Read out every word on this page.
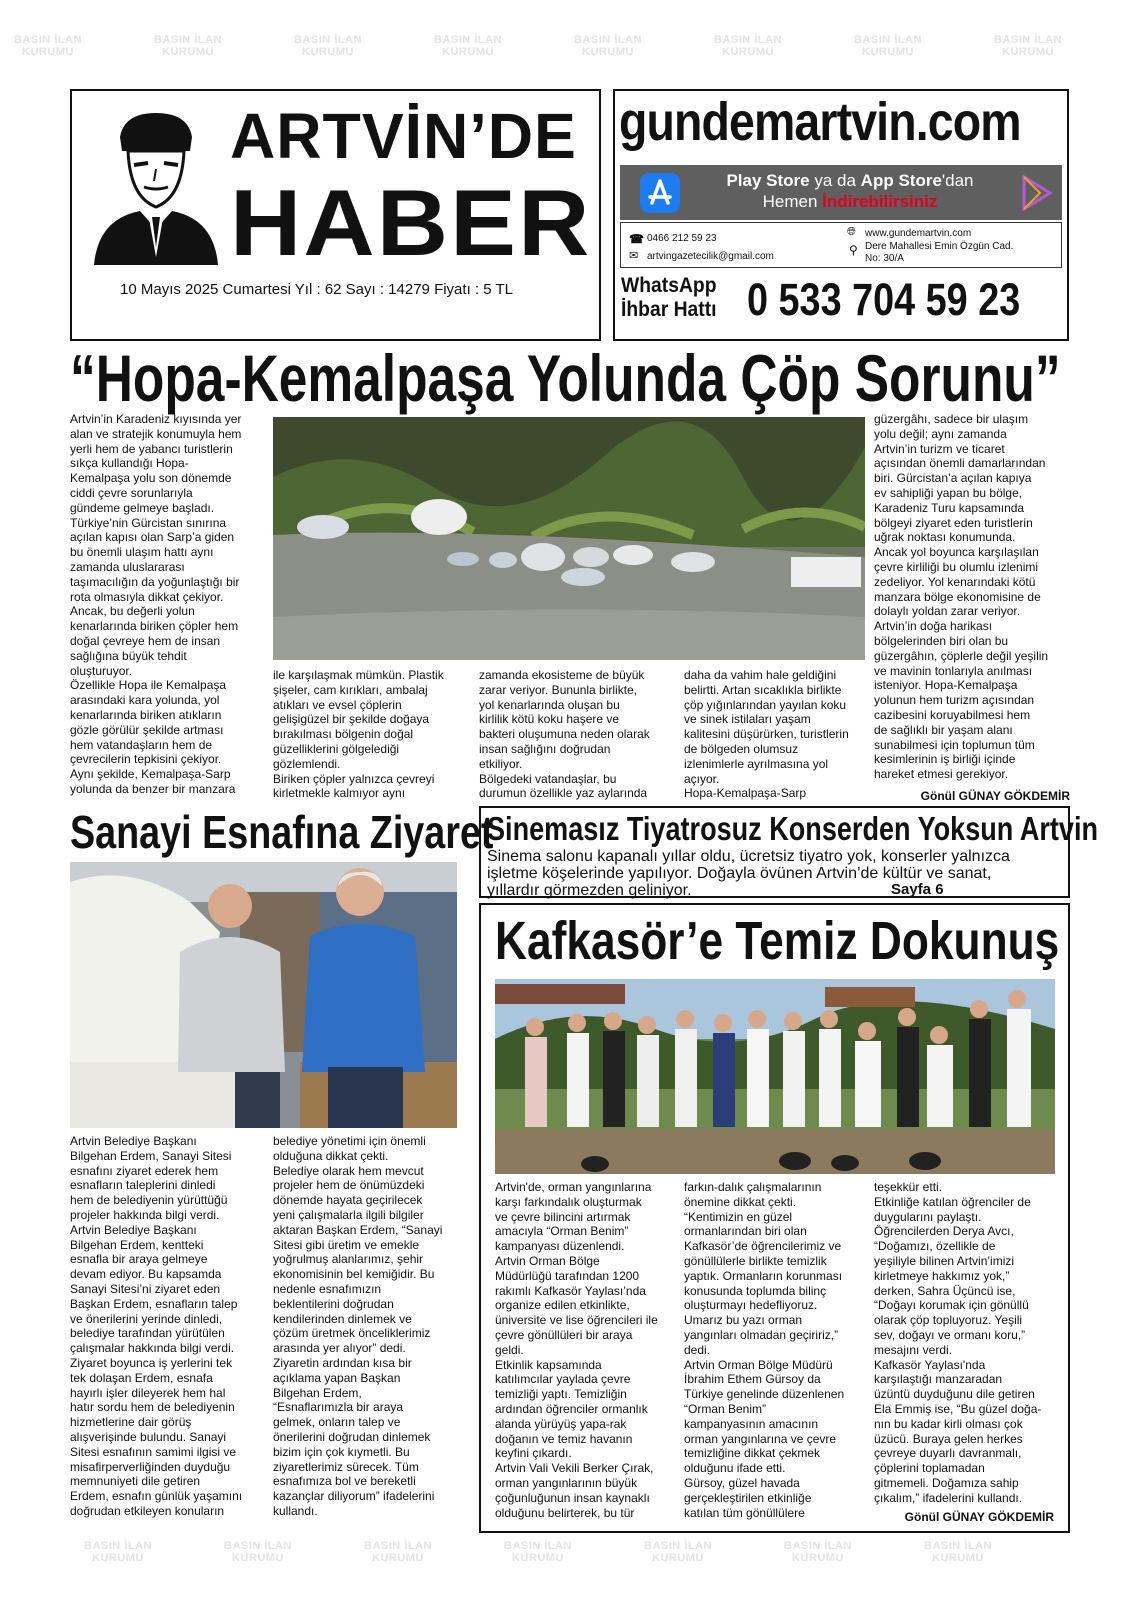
BASIN İLAN
KURUMU
BASIN İLAN
KURUMU
BASIN İLAN
KURUMU
BASIN İLAN
KURUMU
BASIN İLAN
KURUMU
BASIN İLAN
KURUMU
BASIN İLAN
KURUMU
BASIN İLAN
KURUMU
BASIN İLAN
KURUMU
BASIN İLAN
KURUMU
BASIN İLAN
KURUMU
BASIN İLAN
KURUMU
BASIN İLAN
KURUMU
BASIN İLAN
KURUMU
BASIN İLAN
KURUMU
ARTVİN’DE
HABER
10 Mayıs 2025 Cumartesi Yıl : 62 Sayı : 14279 Fiyatı : 5 TL
gundemartvin.com
Play Store ya da App Store'dan
Hemen İndirebilirsiniz
☎ 0466 212 59 23
✉ artvingazetecilik@gmail.com
🌐︎ www.gundemartvin.com
⚲ Dere Mahallesi Emin Özgün Cad.
No: 30/A
WhatsApp
İhbar Hattı 0 533 704 59 23
“Hopa-Kemalpaşa Yolunda Çöp Sorunu”
Artvin’in Karadeniz kıyısında yer
alan ve stratejik konumuyla hem
yerli hem de yabancı turistlerin
sıkça kullandığı Hopa-
Kemalpaşa yolu son dönemde
ciddi çevre sorunlarıyla
gündeme gelmeye başladı.
Türkiye’nin Gürcistan sınırına
açılan kapısı olan Sarp’a giden
bu önemli ulaşım hattı aynı
zamanda uluslararası
taşımacılığın da yoğunlaştığı bir
rota olmasıyla dikkat çekiyor.
Ancak, bu değerli yolun
kenarlarında biriken çöpler hem
doğal çevreye hem de insan
sağlığına büyük tehdit
oluşturuyor.
Özellikle Hopa ile Kemalpaşa
arasındaki kara yolunda, yol
kenarlarında biriken atıkların
gözle görülür şekilde artması
hem vatandaşların hem de
çevrecilerin tepkisini çekiyor.
Aynı şekilde, Kemalpaşa-Sarp
yolunda da benzer bir manzara
ile karşılaşmak mümkün. Plastik
şişeler, cam kırıkları, ambalaj
atıkları ve evsel çöplerin
gelişigüzel bir şekilde doğaya
bırakılması bölgenin doğal
güzelliklerini gölgelediği
gözlemlendi.
Biriken çöpler yalnızca çevreyi
kirletmekle kalmıyor aynı
zamanda ekosisteme de büyük
zarar veriyor. Bununla birlikte,
yol kenarlarında oluşan bu
kirlilik kötü koku haşere ve
bakteri oluşumuna neden olarak
insan sağlığını doğrudan
etkiliyor.
Bölgedeki vatandaşlar, bu
durumun özellikle yaz aylarında
daha da vahim hale geldiğini
belirtti. Artan sıcaklıkla birlikte
çöp yığınlarından yayılan koku
ve sinek istilaları yaşam
kalitesini düşürürken, turistlerin
de bölgeden olumsuz
izlenimlerle ayrılmasına yol
açıyor.
Hopa-Kemalpaşa-Sarp
güzergâhı, sadece bir ulaşım
yolu değil; aynı zamanda
Artvin’in turizm ve ticaret
açısından önemli damarlarından
biri. Gürcistan’a açılan kapıya
ev sahipliği yapan bu bölge,
Karadeniz Turu kapsamında
bölgeyi ziyaret eden turistlerin
uğrak noktası konumunda.
Ancak yol boyunca karşılaşılan
çevre kirliliği bu olumlu izlenimi
zedeliyor. Yol kenarındaki kötü
manzara bölge ekonomisine de
dolaylı yoldan zarar veriyor.
Artvin’in doğa harikası
bölgelerinden biri olan bu
güzergâhın, çöplerle değil yeşilin
ve mavinin tonlarıyla anılması
isteniyor. Hopa-Kemalpaşa
yolunun hem turizm açısından
cazibesini koruyabilmesi hem
de sağlıklı bir yaşam alanı
sunabilmesi için toplumun tüm
kesimlerinin iş birliği içinde
hareket etmesi gerekiyor.
Gönül GÜNAY GÖKDEMİR
Sanayi Esnafına Ziyaret
Artvin Belediye Başkanı
Bilgehan Erdem, Sanayi Sitesi
esnafını ziyaret ederek hem
esnafların taleplerini dinledi
hem de belediyenin yürüttüğü
projeler hakkında bilgi verdi.
Artvin Belediye Başkanı
Bilgehan Erdem, kentteki
esnafla bir araya gelmeye
devam ediyor. Bu kapsamda
Sanayi Sitesi’ni ziyaret eden
Başkan Erdem, esnafların talep
ve önerilerini yerinde dinledi,
belediye tarafından yürütülen
çalışmalar hakkında bilgi verdi.
Ziyaret boyunca iş yerlerini tek
tek dolaşan Erdem, esnafa
hayırlı işler dileyerek hem hal
hatır sordu hem de belediyenin
hizmetlerine dair görüş
alışverişinde bulundu. Sanayi
Sitesi esnafının samimi ilgisi ve
misafirperverliğinden duyduğu
memnuniyeti dile getiren
Erdem, esnafın günlük yaşamını
doğrudan etkileyen konuların
belediye yönetimi için önemli
olduğuna dikkat çekti.
Belediye olarak hem mevcut
projeler hem de önümüzdeki
dönemde hayata geçirilecek
yeni çalışmalarla ilgili bilgiler
aktaran Başkan Erdem, “Sanayi
Sitesi gibi üretim ve emekle
yoğrulmuş alanlarımız, şehir
ekonomisinin bel kemiğidir. Bu
nedenle esnafımızın
beklentilerini doğrudan
kendilerinden dinlemek ve
çözüm üretmek önceliklerimiz
arasında yer alıyor” dedi.
Ziyaretin ardından kısa bir
açıklama yapan Başkan
Bilgehan Erdem,
“Esnaflarımızla bir araya
gelmek, onların talep ve
önerilerini doğrudan dinlemek
bizim için çok kıymetli. Bu
ziyaretlerimiz sürecek. Tüm
esnafımıza bol ve bereketli
kazançlar diliyorum” ifadelerini
kullandı.
Sinemasız Tiyatrosuz Konserden Yoksun Artvin
Sinema salonu kapanalı yıllar oldu, ücretsiz tiyatro yok, konserler yalnızca
işletme köşelerinde yapılıyor. Doğayla övünen Artvin’de kültür ve sanat,
yıllardır görmezden geliniyor.	Sayfa 6
Kafkasör’e Temiz Dokunuş
Artvin'de, orman yangınlarına
karşı farkındalık oluşturmak
ve çevre bilincini artırmak
amacıyla “Orman Benim”
kampanyası düzenlendi.
Artvin Orman Bölge
Müdürlüğü tarafından 1200
rakımlı Kafkasör Yaylası’nda
organize edilen etkinlikte,
üniversite ve lise öğrencileri ile
çevre gönüllüleri bir araya
geldi.
Etkinlik kapsamında
katılımcılar yaylada çevre
temizliği yaptı. Temizliğin
ardından öğrenciler ormanlık
alanda yürüyüş yapa-rak
doğanın ve temiz havanın
keyfini çıkardı.
Artvin Vali Vekili Berker Çırak,
orman yangınlarının büyük
çoğunluğunun insan kaynaklı
olduğunu belirterek, bu tür
farkın-dalık çalışmalarının
önemine dikkat çekti.
“Kentimizin en güzel
ormanlarından biri olan
Kafkasör’de öğrencilerimiz ve
gönüllülerle birlikte temizlik
yaptık. Ormanların korunması
konusunda toplumda bilinç
oluşturmayı hedefliyoruz.
Umarız bu yazı orman
yangınları olmadan geçiririz,”
dedi.
Artvin Orman Bölge Müdürü
İbrahim Ethem Gürsoy da
Türkiye genelinde düzenlenen
“Orman Benim”
kampanyasının amacının
orman yangınlarına ve çevre
temizliğine dikkat çekmek
olduğunu ifade etti.
Gürsoy, güzel havada
gerçekleştirilen etkinliğe
katılan tüm gönüllülere
teşekkür etti.
Etkinliğe katılan öğrenciler de
duygularını paylaştı.
Öğrencilerden Derya Avcı,
“Doğamızı, özellikle de
yeşiliyle bilinen Artvin’imizi
kirletmeye hakkımız yok,”
derken, Sahra Üçüncü ise,
“Doğayı korumak için gönüllü
olarak çöp topluyoruz. Yeşili
sev, doğayı ve ormanı koru,”
mesajını verdi.
Kafkasör Yaylası'nda
karşılaştığı manzaradan
üzüntü duyduğunu dile getiren
Ela Emmiş ise, “Bu güzel doğa-
nın bu kadar kirli olması çok
üzücü. Buraya gelen herkes
çevreye duyarlı davranmalı,
çöplerini toplamadan
gitmemeli. Doğamıza sahip
çıkalım,” ifadelerini kullandı.
Gönül GÜNAY GÖKDEMİR
